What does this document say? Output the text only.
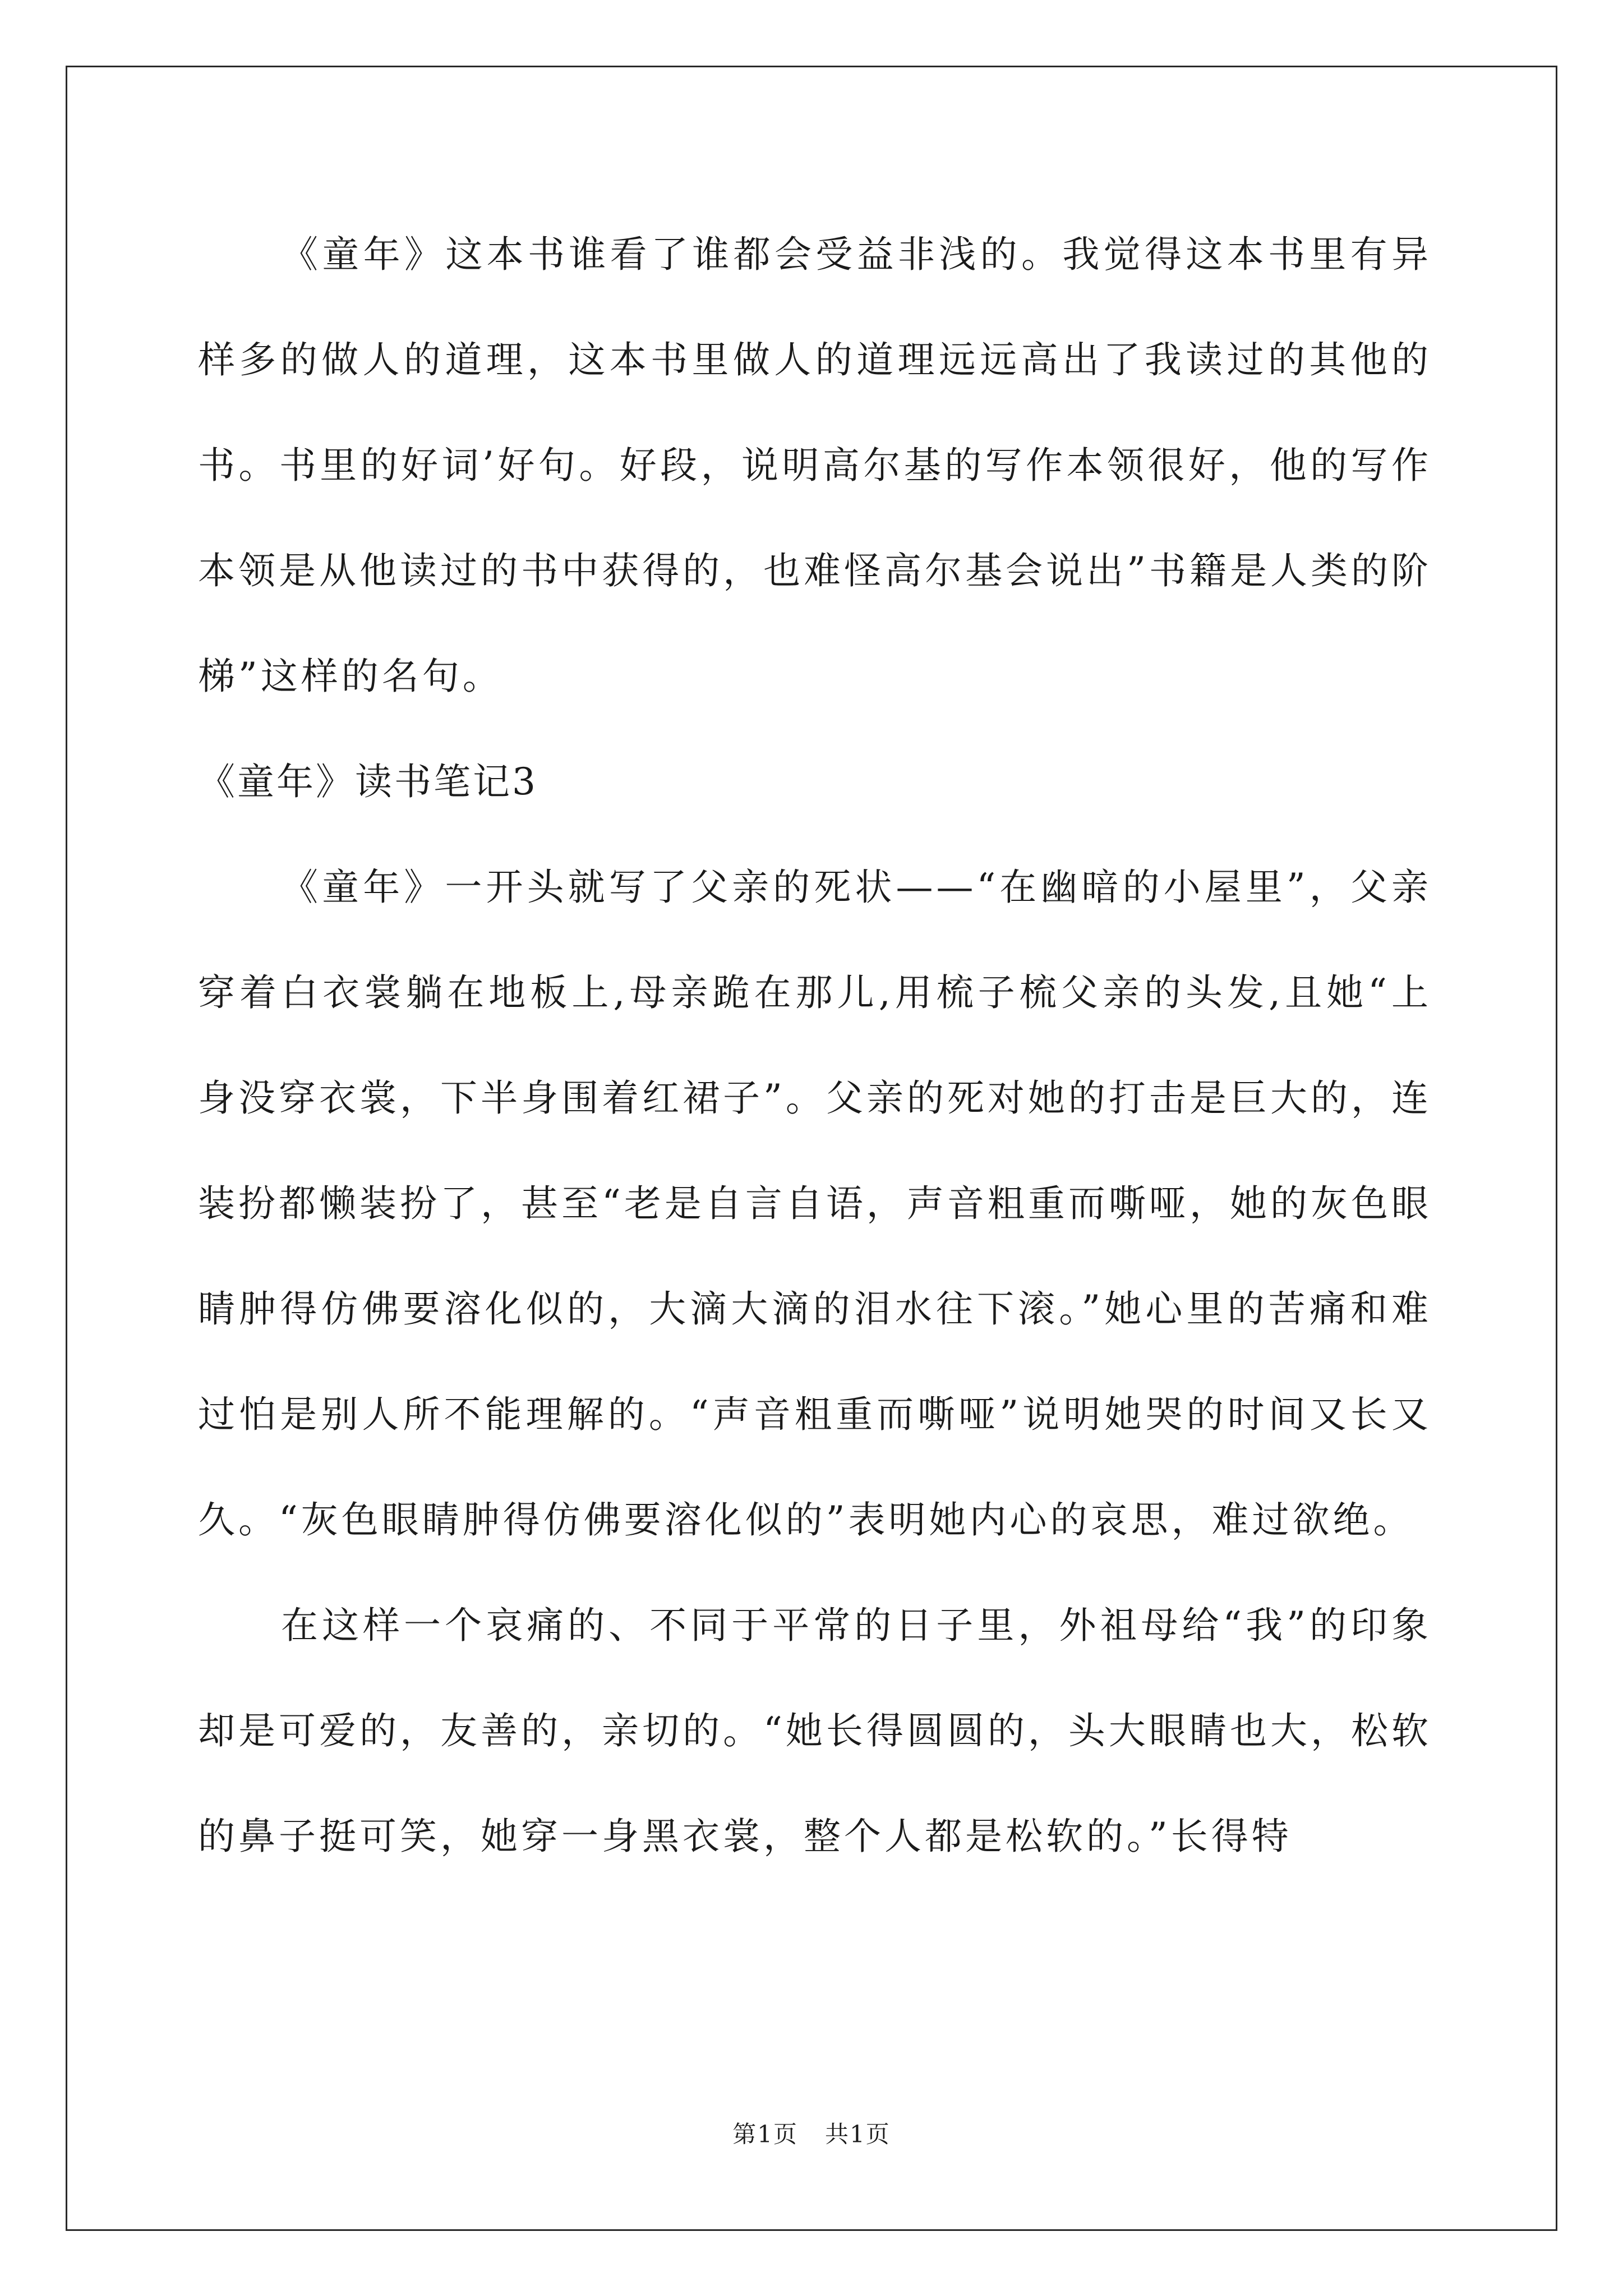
《童年》这本书谁看了谁都会受益非浅的。我觉得这本书里有异样多的做人的道理，这本书里做人的道理远远高出了我读过的其他的书。书里的好词’好句。好段，说明高尔基的写作本领很好，他的写作本领是从他读过的书中获得的，也难怪高尔基会说出”书籍是人类的阶梯”这样的名句。

《童年》读书笔记3

《童年》一开头就写了父亲的死状——“在幽暗的小屋里”，父亲穿着白衣裳躺在地板上,母亲跪在那儿,用梳子梳父亲的头发,且她“上身没穿衣裳，下半身围着红裙子”。父亲的死对她的打击是巨大的，连装扮都懒装扮了，甚至“老是自言自语，声音粗重而嘶哑，她的灰色眼睛肿得仿佛要溶化似的，大滴大滴的泪水往下滚。”她心里的苦痛和难过怕是别人所不能理解的。“声音粗重而嘶哑”说明她哭的时间又长又久。“灰色眼睛肿得仿佛要溶化似的”表明她内心的哀思，难过欲绝。

在这样一个哀痛的、不同于平常的日子里，外祖母给“我”的印象却是可爱的，友善的，亲切的。“她长得圆圆的，头大眼睛也大，松软的鼻子挺可笑，她穿一身黑衣裳，整个人都是松软的。”长得特

第1页 共1页
